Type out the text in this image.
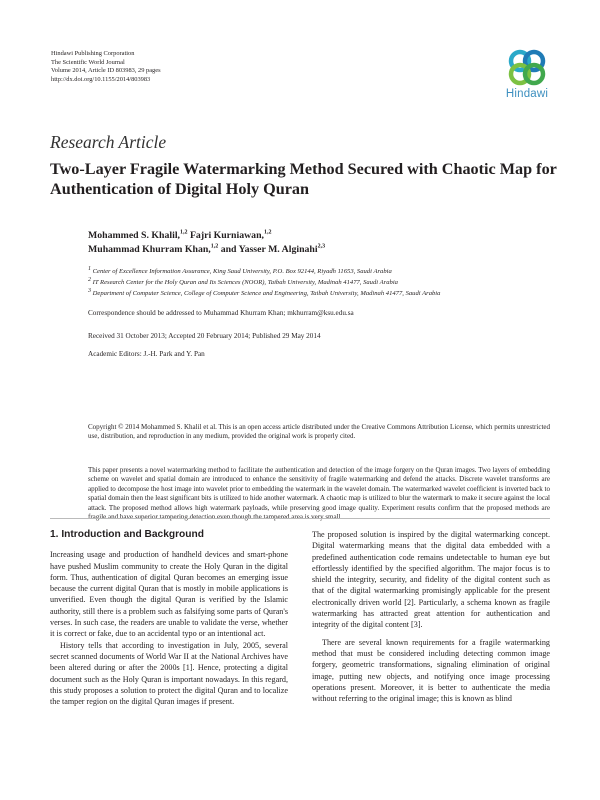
Hindawi Publishing Corporation
The Scientific World Journal
Volume 2014, Article ID 803983, 29 pages
http://dx.doi.org/10.1155/2014/803983
Hindawi
Research Article
Two-Layer Fragile Watermarking Method Secured with Chaotic Map for Authentication of Digital Holy Quran
Mohammed S. Khalil,$^{1,2}$ Fajri Kurniawan,$^{1,2}$
Muhammad Khurram Khan,$^{1,2}$ and Yasser M. Alginahi$^{2,3}$
$^1$ Center of Excellence Information Assurance, King Saud University, P.O. Box 92144, Riyadh 11653, Saudi Arabia
$^2$ IT Research Center for the Holy Quran and Its Sciences (NOOR), Taibah University, Madinah 41477, Saudi Arabia
$^3$ Department of Computer Science, College of Computer Science and Engineering, Taibah University, Madinah 41477, Saudi Arabia
Correspondence should be addressed to Muhammad Khurram Khan; mkhurram@ksu.edu.sa
Received 31 October 2013; Accepted 20 February 2014; Published 29 May 2014
Academic Editors: J.-H. Park and Y. Pan
Copyright © 2014 Mohammed S. Khalil et al. This is an open access article distributed under the Creative Commons Attribution License, which permits unrestricted use, distribution, and reproduction in any medium, provided the original work is properly cited.
This paper presents a novel watermarking method to facilitate the authentication and detection of the image forgery on the Quran images. Two layers of embedding scheme on wavelet and spatial domain are introduced to enhance the sensitivity of fragile watermarking and defend the attacks. Discrete wavelet transforms are applied to decompose the host image into wavelet prior to embedding the watermark in the wavelet domain. The watermarked wavelet coefficient is inverted back to spatial domain then the least significant bits is utilized to hide another watermark. A chaotic map is utilized to blur the watermark to make it secure against the local attack. The proposed method allows high watermark payloads, while preserving good image quality. Experiment results confirm that the proposed methods are fragile and have superior tampering detection even though the tampered area is very small.
1. Introduction and Background

Increasing usage and production of handheld devices and smart-phone have pushed Muslim community to create the Holy Quran in the digital form. Thus, authentication of digital Quran becomes an emerging issue because the current digital Quran that is mostly in mobile applications is unverified. Even though the digital Quran is verified by the Islamic authority, still there is a problem such as falsifying some parts of Quran's verses. In such case, the readers are unable to validate the verse, whether it is correct or fake, due to an accidental typo or an intentional act.

History tells that according to investigation in July, 2005, several secret scanned documents of World War II at the National Archives have been altered during or after the 2000s [1]. Hence, protecting a digital document such as the Holy Quran is important nowadays. In this regard, this study proposes a solution to protect the digital Quran and to localize the tamper region on the digital Quran images if present.

The proposed solution is inspired by the digital watermarking concept. Digital watermarking means that the digital data embedded with a predefined authentication code remains undetectable to human eye but effortlessly identified by the specified algorithm. The major focus is to shield the integrity, security, and fidelity of the digital content such as that of the digital watermarking promisingly applicable for the present electronically driven world [2]. Particularly, a schema known as fragile watermarking has attracted great attention for authentication and integrity of the digital content [3].

There are several known requirements for a fragile watermarking method that must be considered including detecting common image forgery, geometric transformations, signaling elimination of original image, putting new objects, and notifying once image processing operations present. Moreover, it is better to authenticate the media without referring to the original image; this is known as blind
